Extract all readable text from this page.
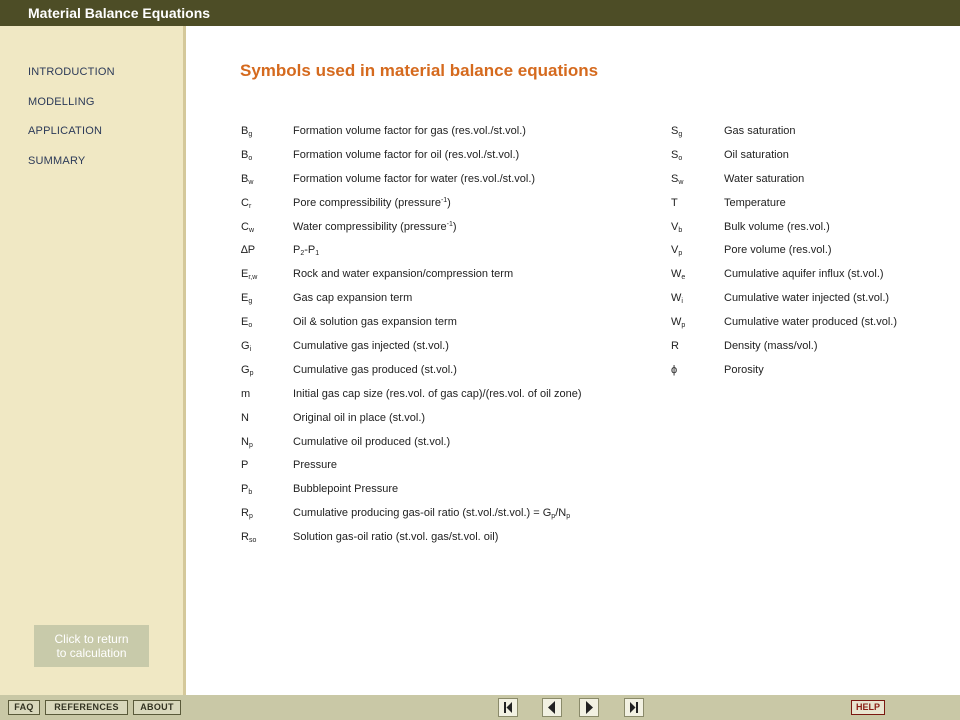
Material Balance Equations
INTRODUCTION
MODELLING
APPLICATION
SUMMARY
Click to return
to calculation
Symbols used in material balance equations
$B_g$	Formation volume factor for gas (res.vol./st.vol.)
$B_o$	Formation volume factor for oil (res.vol./st.vol.)
$B_w$	Formation volume factor for water (res.vol./st.vol.)
$C_r$	Pore compressibility (pressure$^{-1}$)
$C_w$	Water compressibility (pressure$^{-1}$)
∆P	$P_2-P_1$
$E_{r,w}$	Rock and water expansion/compression term
$E_g$	Gas cap expansion term
$E_o$	Oil & solution gas expansion term
$G_i$	Cumulative gas injected (st.vol.)
$G_p$	Cumulative gas produced (st.vol.)
m	Initial gas cap size (res.vol. of gas cap)/(res.vol. of oil zone)
N	Original oil in place (st.vol.)
$N_p$	Cumulative oil produced (st.vol.)
P	Pressure
$P_b$	Bubblepoint Pressure
$R_p$	Cumulative producing gas-oil ratio $(st.vol./st.vol.) = G_p/N_p$
$R_{so}$	Solution gas-oil ratio (st.vol. gas/st.vol. oil)
$S_g$	Gas saturation
$S_o$	Oil saturation
$S_w$	Water saturation
T	Temperature
$V_b$	Bulk volume (res.vol.)
$V_p$	Pore volume (res.vol.)
$W_e$	Cumulative aquifer influx (st.vol.)
$W_i$	Cumulative water injected (st.vol.)
$W_p$	Cumulative water produced (st.vol.)
R	Density (mass/vol.)
ϕ	Porosity
FAQ	REFERENCES	ABOUT	HELP
